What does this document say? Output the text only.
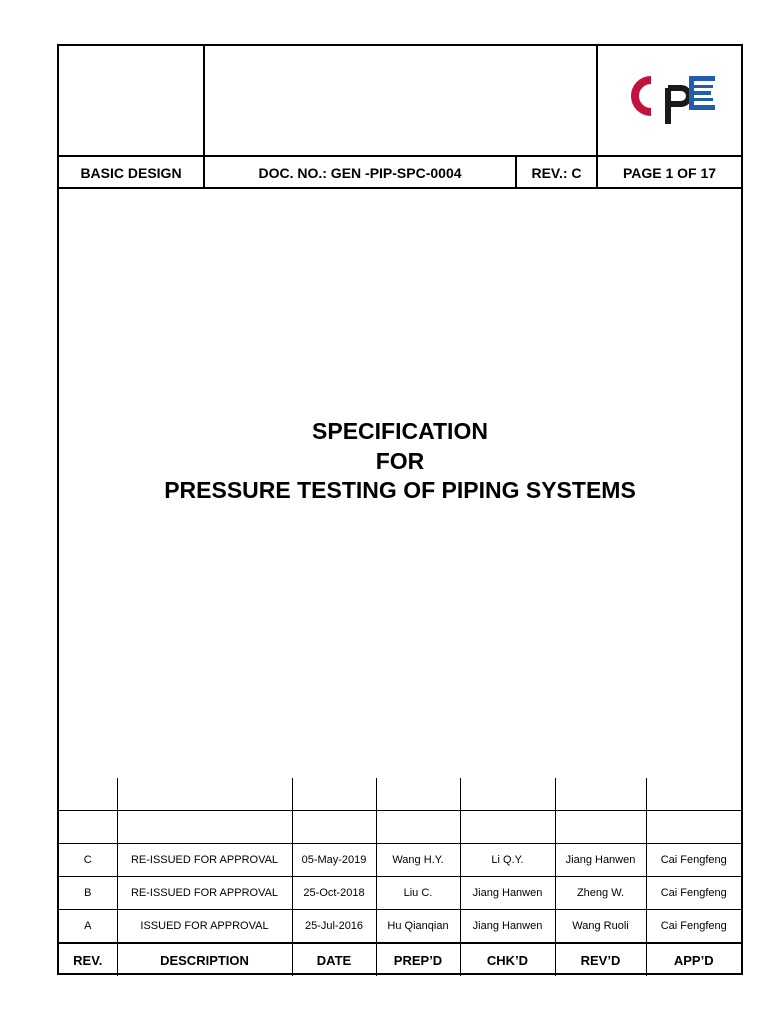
BASIC DESIGN	DOC. NO.: GEN -PIP-SPC-0004	REV.: C	PAGE 1 OF 17
SPECIFICATION
FOR
PRESSURE TESTING OF PIPING SYSTEMS

C	RE-ISSUED FOR APPROVAL	05-May-2019	Wang H.Y.	Li Q.Y.	Jiang Hanwen	Cai Fengfeng
B	RE-ISSUED FOR APPROVAL	25-Oct-2018	Liu C.	Jiang Hanwen	Zheng W.	Cai Fengfeng
A	ISSUED FOR APPROVAL	25-Jul-2016	Hu Qianqian	Jiang Hanwen	Wang Ruoli	Cai Fengfeng
REV.	DESCRIPTION	DATE	PREP’D	CHK’D	REV’D	APP’D
